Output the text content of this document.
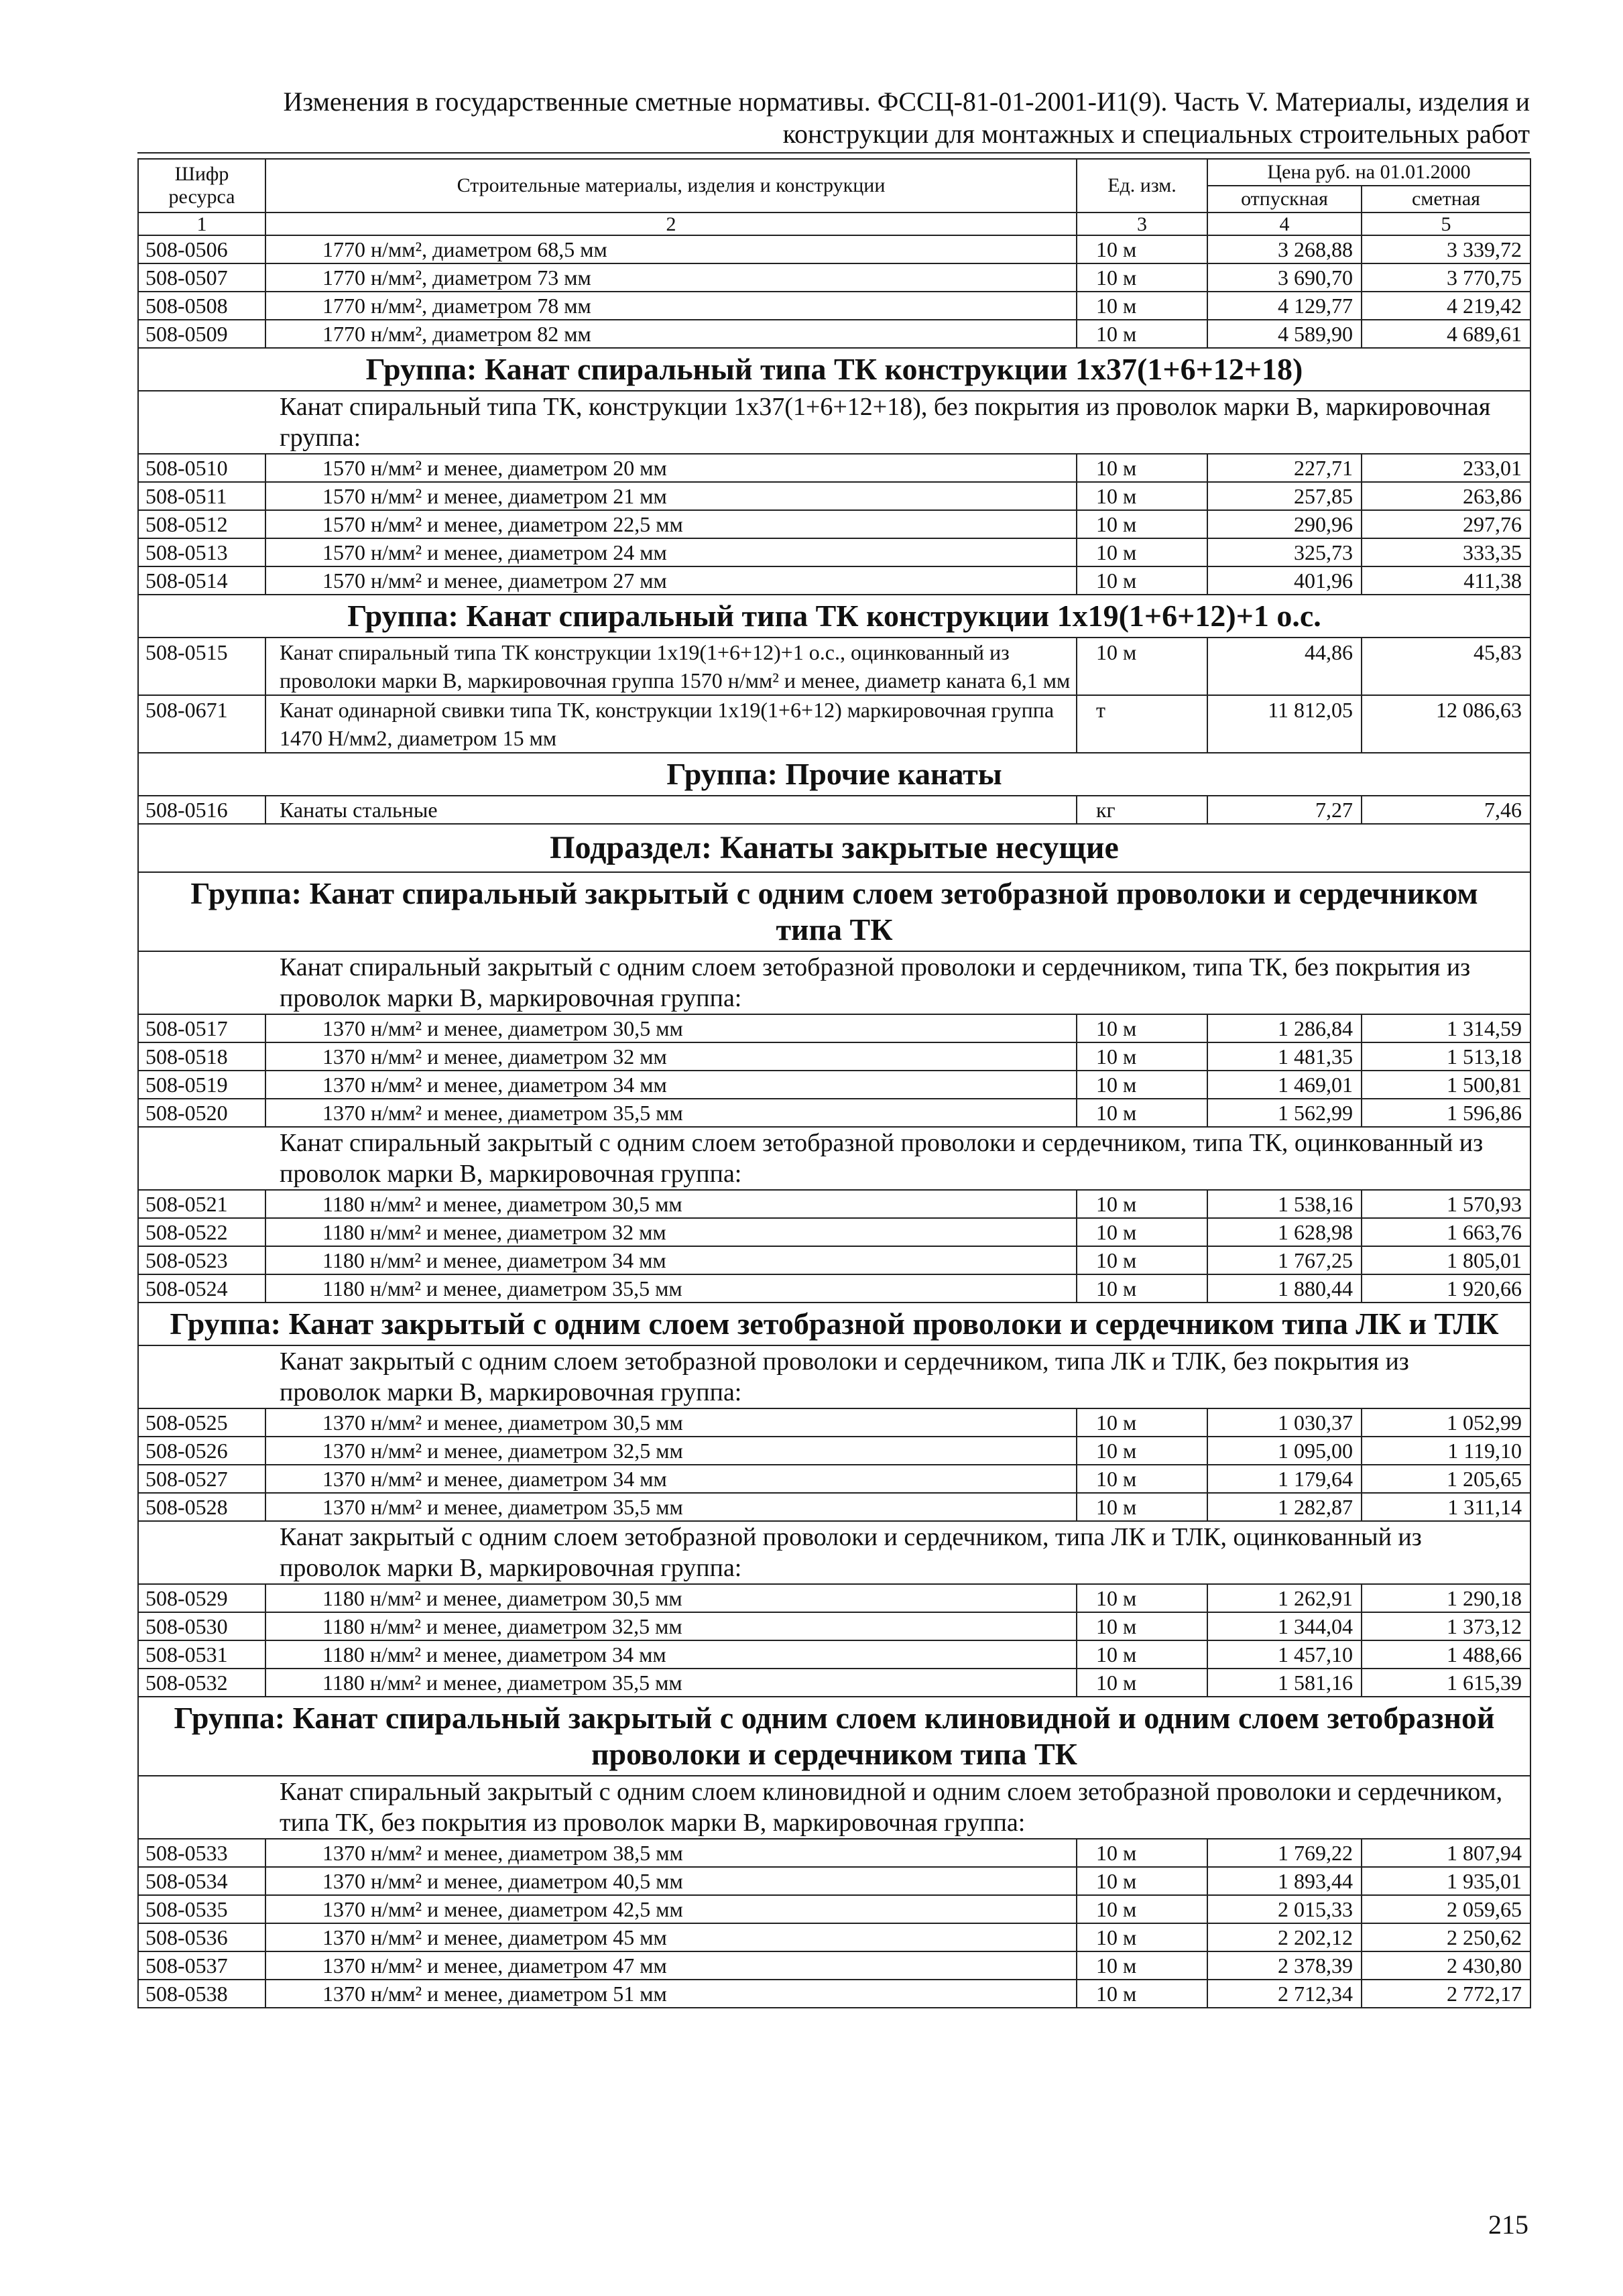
Изменения в государственные сметные нормативы. ФССЦ-81-01-2001-И1(9). Часть V. Материалы, изделия и
конструкции для монтажных и специальных строительных работ
Шифр ресурса	Строительные материалы, изделия и конструкции	Ед. изм.	Цена руб. на 01.01.2000	
			отпускная	сметная
1	2	3	4	5
508-0506	1770 н/мм², диаметром 68,5 мм	10 м	3 268,88	3 339,72
508-0507	1770 н/мм², диаметром 73 мм	10 м	3 690,70	3 770,75
508-0508	1770 н/мм², диаметром 78 мм	10 м	4 129,77	4 219,42
508-0509	1770 н/мм², диаметром 82 мм	10 м	4 589,90	4 689,61
Группа: Канат спиральный типа ТК конструкции 1х37(1+6+12+18)				
Канат спиральный типа ТК, конструкции 1х37(1+6+12+18), без покрытия из проволок марки В, маркировочная группа:				
508-0510	1570 н/мм² и менее, диаметром 20 мм	10 м	227,71	233,01
508-0511	1570 н/мм² и менее, диаметром 21 мм	10 м	257,85	263,86
508-0512	1570 н/мм² и менее, диаметром 22,5 мм	10 м	290,96	297,76
508-0513	1570 н/мм² и менее, диаметром 24 мм	10 м	325,73	333,35
508-0514	1570 н/мм² и менее, диаметром 27 мм	10 м	401,96	411,38
Группа: Канат спиральный типа ТК конструкции 1х19(1+6+12)+1 о.с.				
508-0515	Канат спиральный типа ТК конструкции 1х19(1+6+12)+1 о.с., оцинкованный из проволоки марки В, маркировочная группа 1570 н/мм² и менее, диаметр каната 6,1 мм	10 м	44,86	45,83
508-0671	Канат одинарной свивки типа ТК, конструкции 1х19(1+6+12) маркировочная группа 1470 Н/мм2, диаметром 15 мм	т	11 812,05	12 086,63
Группа: Прочие канаты				
508-0516	Канаты стальные	кг	7,27	7,46
Подраздел: Канаты закрытые несущие				
Группа: Канат спиральный закрытый с одним слоем зетобразной проволоки и сердечником типа ТК				
Канат спиральный закрытый с одним слоем зетобразной проволоки и сердечником, типа ТК, без покрытия из проволок марки В, маркировочная группа:				
508-0517	1370 н/мм² и менее, диаметром 30,5 мм	10 м	1 286,84	1 314,59
508-0518	1370 н/мм² и менее, диаметром 32 мм	10 м	1 481,35	1 513,18
508-0519	1370 н/мм² и менее, диаметром 34 мм	10 м	1 469,01	1 500,81
508-0520	1370 н/мм² и менее, диаметром 35,5 мм	10 м	1 562,99	1 596,86
Канат спиральный закрытый с одним слоем зетобразной проволоки и сердечником, типа ТК, оцинкованный из проволок марки В, маркировочная группа:				
508-0521	1180 н/мм² и менее, диаметром 30,5 мм	10 м	1 538,16	1 570,93
508-0522	1180 н/мм² и менее, диаметром 32 мм	10 м	1 628,98	1 663,76
508-0523	1180 н/мм² и менее, диаметром 34 мм	10 м	1 767,25	1 805,01
508-0524	1180 н/мм² и менее, диаметром 35,5 мм	10 м	1 880,44	1 920,66
Группа: Канат закрытый с одним слоем зетобразной проволоки и сердечником типа ЛК и ТЛК				
Канат закрытый с одним слоем зетобразной проволоки и сердечником, типа ЛК и ТЛК, без покрытия из проволок марки В, маркировочная группа:				
508-0525	1370 н/мм² и менее, диаметром 30,5 мм	10 м	1 030,37	1 052,99
508-0526	1370 н/мм² и менее, диаметром 32,5 мм	10 м	1 095,00	1 119,10
508-0527	1370 н/мм² и менее, диаметром 34 мм	10 м	1 179,64	1 205,65
508-0528	1370 н/мм² и менее, диаметром 35,5 мм	10 м	1 282,87	1 311,14
Канат закрытый с одним слоем зетобразной проволоки и сердечником, типа ЛК и ТЛК, оцинкованный из проволок марки В, маркировочная группа:				
508-0529	1180 н/мм² и менее, диаметром 30,5 мм	10 м	1 262,91	1 290,18
508-0530	1180 н/мм² и менее, диаметром 32,5 мм	10 м	1 344,04	1 373,12
508-0531	1180 н/мм² и менее, диаметром 34 мм	10 м	1 457,10	1 488,66
508-0532	1180 н/мм² и менее, диаметром 35,5 мм	10 м	1 581,16	1 615,39
Группа: Канат спиральный закрытый с одним слоем клиновидной и одним слоем зетобразной проволоки и сердечником типа ТК				
Канат спиральный закрытый с одним слоем клиновидной и одним слоем зетобразной проволоки и сердечником, типа ТК, без покрытия из проволок марки В, маркировочная группа:				
508-0533	1370 н/мм² и менее, диаметром 38,5 мм	10 м	1 769,22	1 807,94
508-0534	1370 н/мм² и менее, диаметром 40,5 мм	10 м	1 893,44	1 935,01
508-0535	1370 н/мм² и менее, диаметром 42,5 мм	10 м	2 015,33	2 059,65
508-0536	1370 н/мм² и менее, диаметром 45 мм	10 м	2 202,12	2 250,62
508-0537	1370 н/мм² и менее, диаметром 47 мм	10 м	2 378,39	2 430,80
508-0538	1370 н/мм² и менее, диаметром 51 мм	10 м	2 712,34	2 772,17
215
